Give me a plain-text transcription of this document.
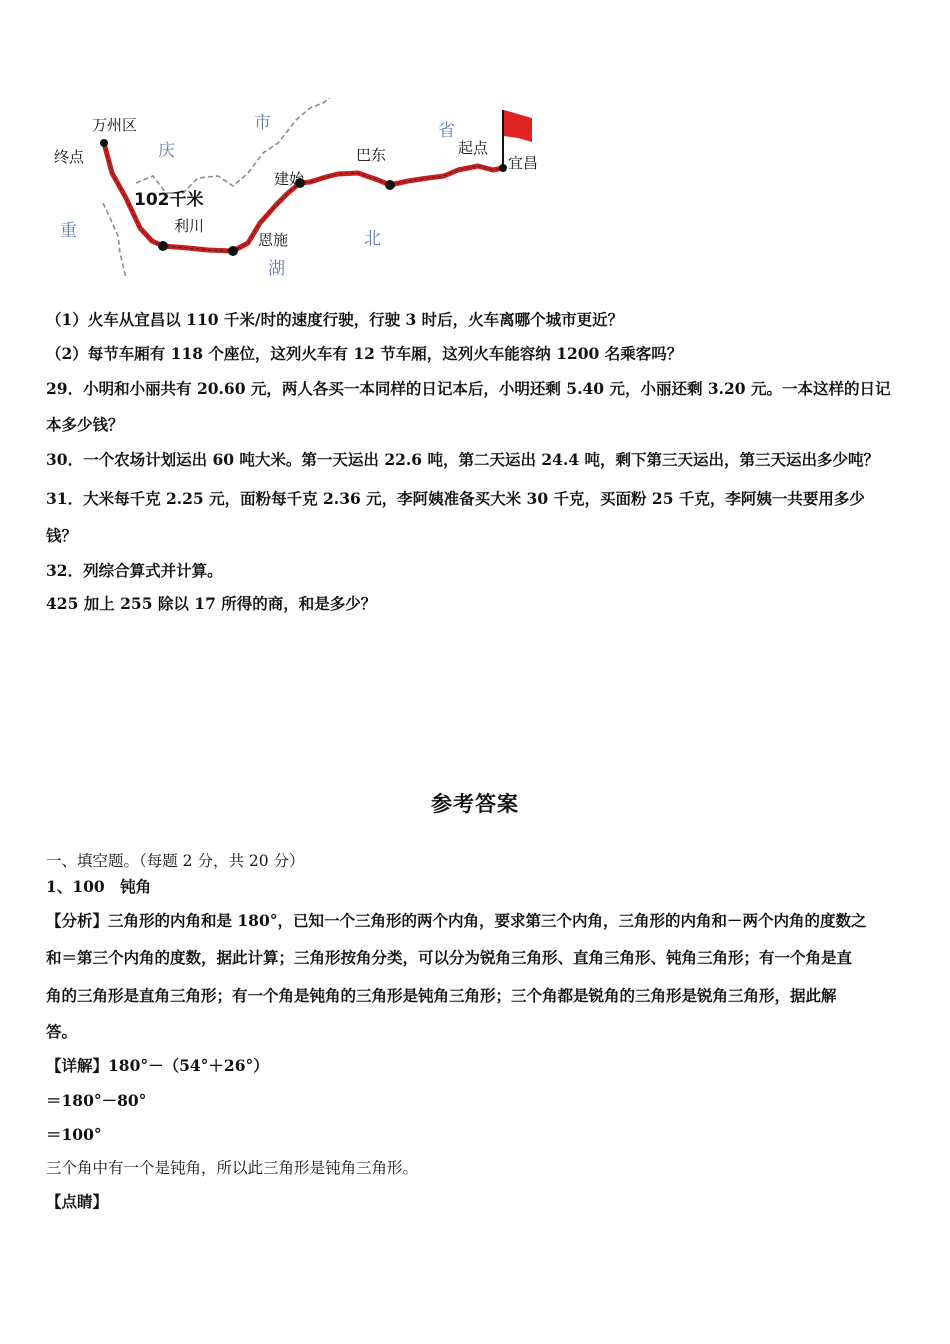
万州区
终点	庆
市
重
102千米
利川
恩施
建始
巴东
省
起点
宜昌
北
湖
（1）火车从宜昌以 110 千米/时的速度行驶，行驶 3 时后，火车离哪个城市更近？
（2）每节车厢有 118 个座位，这列火车有 12 节车厢，这列火车能容纳 1200 名乘客吗？
29．小明和小丽共有 20.60 元，两人各买一本同样的日记本后，小明还剩 5.40 元，小丽还剩 3.20 元。一本这样的日记
本多少钱？
30．一个农场计划运出 60 吨大米。第一天运出 22.6 吨，第二天运出 24.4 吨，剩下第三天运出，第三天运出多少吨？
31．大米每千克 2.25 元，面粉每千克 2.36 元，李阿姨准备买大米 30 千克，买面粉 25 千克，李阿姨一共要用多少
钱？
32．列综合算式并计算。
425 加上 255 除以 17 所得的商，和是多少？
参考答案
一、填空题。（每题 2 分，共 20 分）
1、100　钝角
【分析】三角形的内角和是 180°，已知一个三角形的两个内角，要求第三个内角，三角形的内角和－两个内角的度数之
和＝第三个内角的度数，据此计算；三角形按角分类，可以分为锐角三角形、直角三角形、钝角三角形；有一个角是直
角的三角形是直角三角形；有一个角是钝角的三角形是钝角三角形；三个角都是锐角的三角形是锐角三角形，据此解
答。
【详解】180°－（54°＋26°）
＝180°－80°
＝100°
三个角中有一个是钝角，所以此三角形是钝角三角形。
【点睛】
